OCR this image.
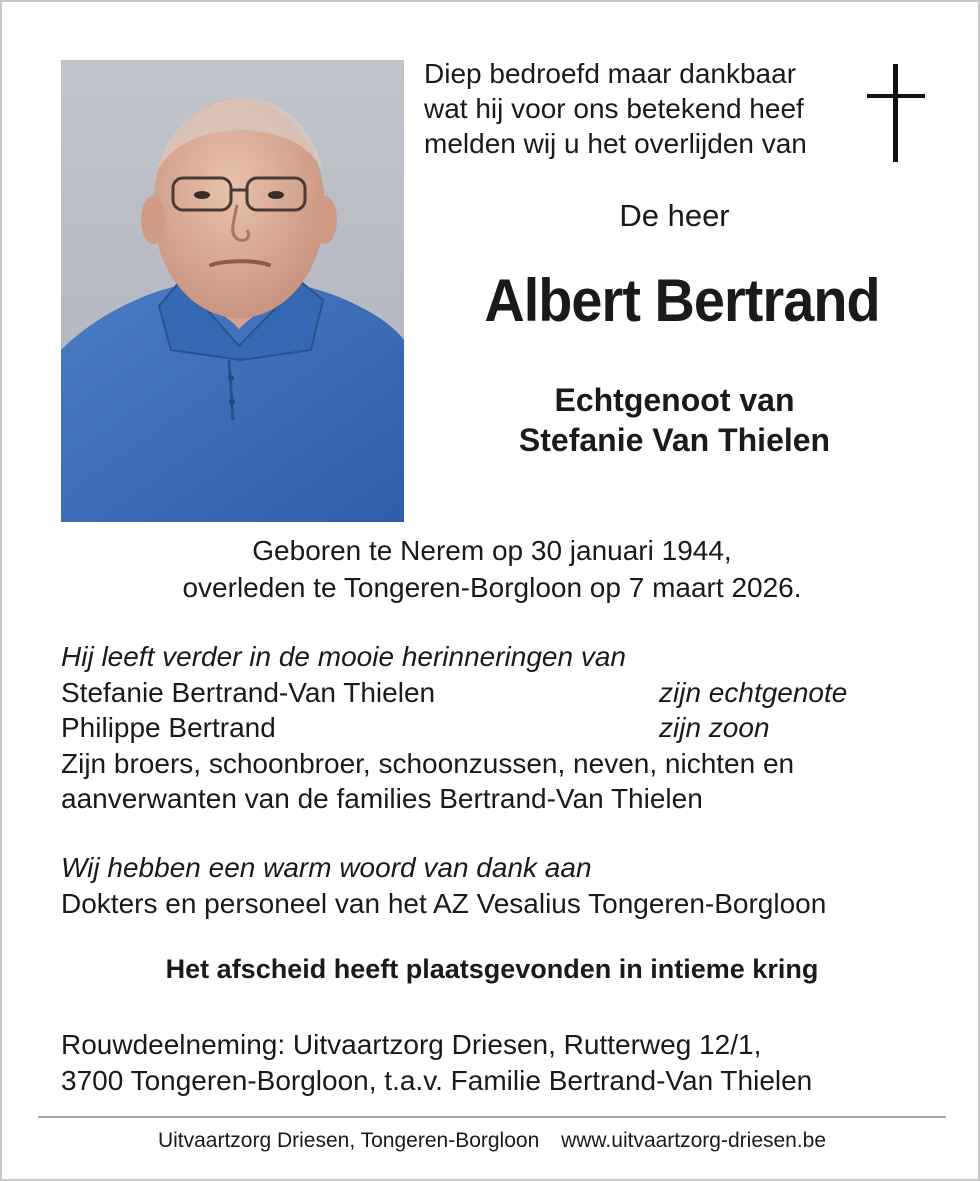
Diep bedroefd maar dankbaar
wat hij voor ons betekend heef
melden wij u het overlijden van
De heer
Albert Bertrand
Echtgenoot van
Stefanie Van Thielen
Geboren te Nerem op 30 januari 1944,
overleden te Tongeren-Borgloon op 7 maart 2026.
Hij leeft verder in de mooie herinneringen van
Stefanie Bertrand-Van Thielen	zijn echtgenote
Philippe Bertrand	zijn zoon
Zijn broers, schoonbroer, schoonzussen, neven, nichten en
aanverwanten van de families Bertrand-Van Thielen
Wij hebben een warm woord van dank aan
Dokters en personeel van het AZ Vesalius Tongeren-Borgloon
Het afscheid heeft plaatsgevonden in intieme kring
Rouwdeelneming: Uitvaartzorg Driesen, Rutterweg 12/1,
3700 Tongeren-Borgloon, t.a.v. Familie Bertrand-Van Thielen
Uitvaartzorg Driesen, Tongeren-Borgloon www.uitvaartzorg-driesen.be
